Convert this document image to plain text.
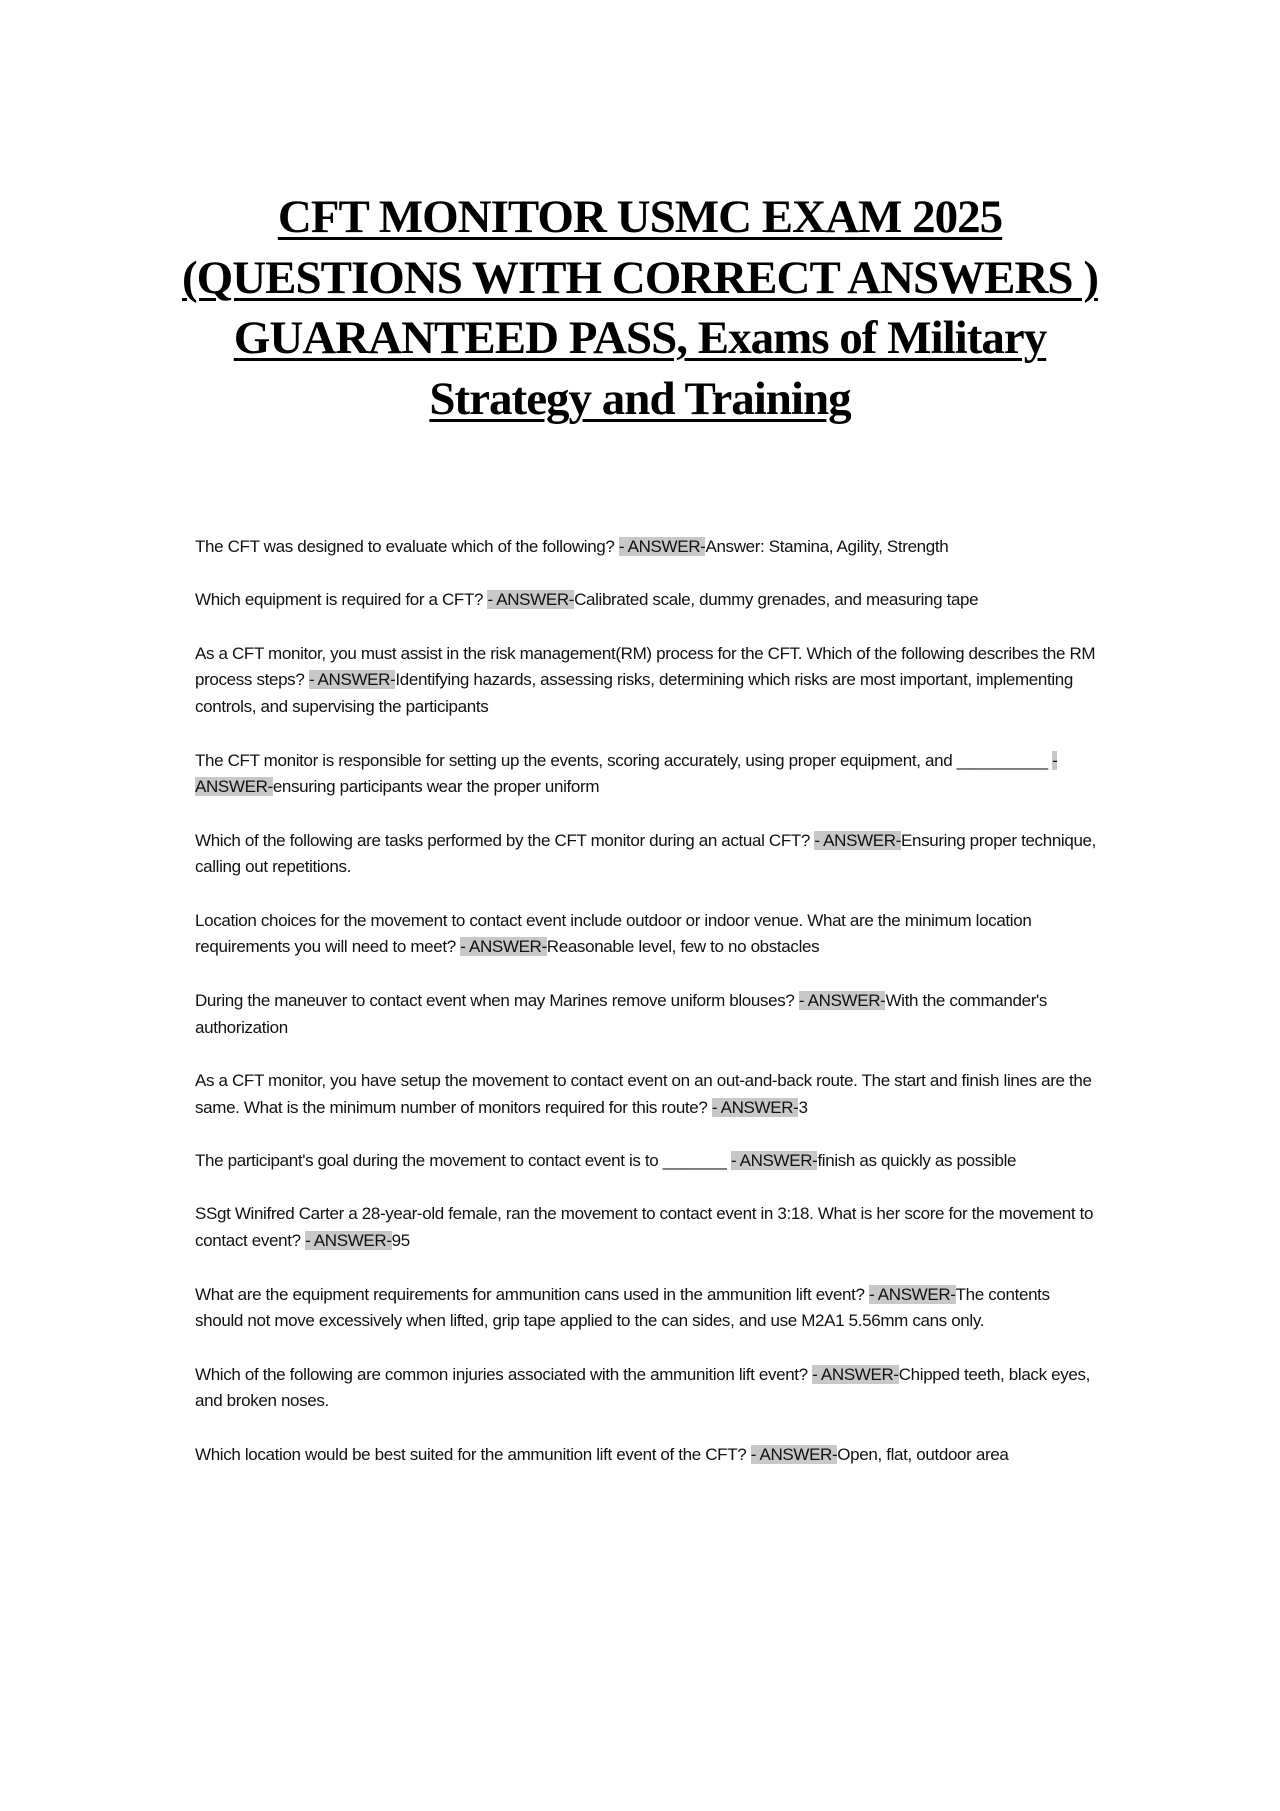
CFT MONITOR USMC EXAM 2025 (QUESTIONS WITH CORRECT ANSWERS ) GUARANTEED PASS, Exams of Military Strategy and Training

The CFT was designed to evaluate which of the following? - ANSWER-Answer: Stamina, Agility, Strength

Which equipment is required for a CFT? - ANSWER-Calibrated scale, dummy grenades, and measuring tape

As a CFT monitor, you must assist in the risk management(RM) process for the CFT. Which of the following describes the RM process steps? - ANSWER-Identifying hazards, assessing risks, determining which risks are most important, implementing controls, and supervising the participants

The CFT monitor is responsible for setting up the events, scoring accurately, using proper equipment, and __________ - ANSWER-ensuring participants wear the proper uniform

Which of the following are tasks performed by the CFT monitor during an actual CFT? - ANSWER-Ensuring proper technique, calling out repetitions.

Location choices for the movement to contact event include outdoor or indoor venue. What are the minimum location requirements you will need to meet? - ANSWER-Reasonable level, few to no obstacles

During the maneuver to contact event when may Marines remove uniform blouses? - ANSWER-With the commander's authorization

As a CFT monitor, you have setup the movement to contact event on an out-and-back route. The start and finish lines are the same. What is the minimum number of monitors required for this route? - ANSWER-3

The participant's goal during the movement to contact event is to _______ - ANSWER-finish as quickly as possible

SSgt Winifred Carter a 28-year-old female, ran the movement to contact event in 3:18. What is her score for the movement to contact event? - ANSWER-95

What are the equipment requirements for ammunition cans used in the ammunition lift event? - ANSWER-The contents should not move excessively when lifted, grip tape applied to the can sides, and use M2A1 5.56mm cans only.

Which of the following are common injuries associated with the ammunition lift event? - ANSWER-Chipped teeth, black eyes, and broken noses.

Which location would be best suited for the ammunition lift event of the CFT? - ANSWER-Open, flat, outdoor area
